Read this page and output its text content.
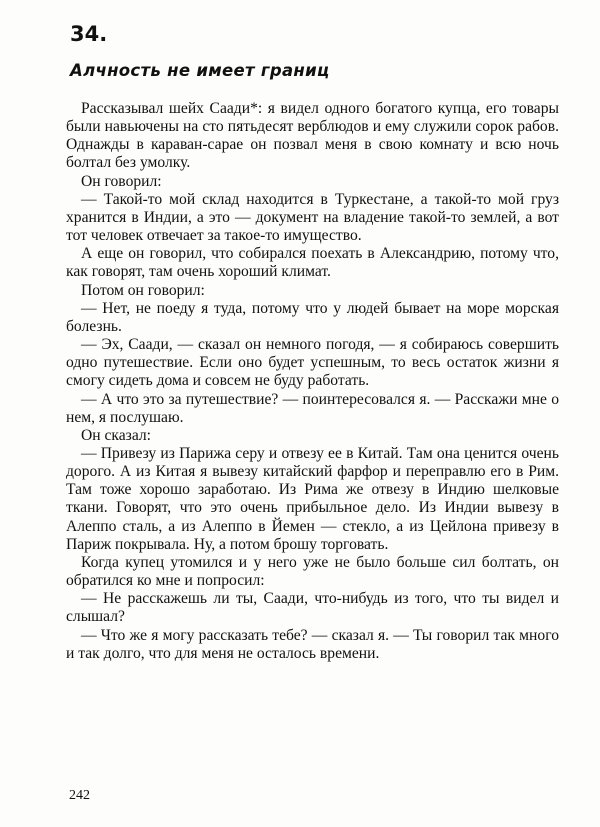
34.
Алчность не имеет границ

Рассказывал шейх Саади*: я видел одного богатого купца, его товары были навьючены на сто пятьдесят верблюдов и ему служили сорок рабов. Однажды в караван-сарае он позвал меня в свою комнату и всю ночь болтал без умолку.

Он говорил:

— Такой-то мой склад находится в Туркестане, а такой-то мой груз хранится в Индии, а это — документ на владение такой-то землей, а вот тот человек отвечает за такое-то имущество.

А еще он говорил, что собирался поехать в Александрию, потому что, как говорят, там очень хороший климат.

Потом он говорил:

— Нет, не поеду я туда, потому что у людей бывает на море морская болезнь.

— Эх, Саади, — сказал он немного погодя, — я собираюсь совершить одно путешествие. Если оно будет успешным, то весь остаток жизни я смогу сидеть дома и совсем не буду работать.

— А что это за путешествие? — поинтересовался я. — Расскажи мне о нем, я послушаю.

Он сказал:

— Привезу из Парижа серу и отвезу ее в Китай. Там она ценится очень дорого. А из Китая я вывезу китайский фарфор и переправлю его в Рим. Там тоже хорошо заработаю. Из Рима же отвезу в Индию шелковые ткани. Говорят, что это очень прибыльное дело. Из Индии вывезу в Алеппо сталь, а из Алеппо в Йемен — стекло, а из Цейлона привезу в Париж покрывала. Ну, а потом брошу торговать.

Когда купец утомился и у него уже не было больше сил болтать, он обратился ко мне и попросил:

— Не расскажешь ли ты, Саади, что-нибудь из того, что ты видел и слышал?

— Что же я могу рассказать тебе? — сказал я. — Ты говорил так много и так долго, что для меня не осталось времени.

242
